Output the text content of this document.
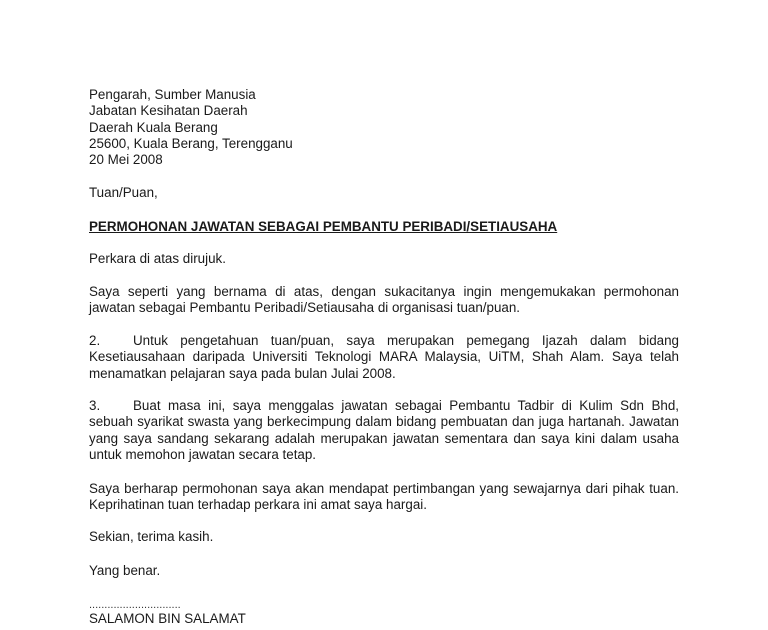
Pengarah, Sumber Manusia
Jabatan Kesihatan Daerah
Daerah Kuala Berang
25600, Kuala Berang, Terengganu
20 Mei 2008
Tuan/Puan,
PERMOHONAN JAWATAN SEBAGAI PEMBANTU PERIBADI/SETIAUSAHA
Perkara di atas dirujuk.
Saya seperti yang bernama di atas, dengan sukacitanya ingin mengemukakan permohonan jawatan sebagai Pembantu Peribadi/Setiausaha di organisasi tuan/puan.
2. Untuk pengetahuan tuan/puan, saya merupakan pemegang Ijazah dalam bidang Kesetiausahaan daripada Universiti Teknologi MARA Malaysia, UiTM, Shah Alam. Saya telah menamatkan pelajaran saya pada bulan Julai 2008.
3. Buat masa ini, saya menggalas jawatan sebagai Pembantu Tadbir di Kulim Sdn Bhd, sebuah syarikat swasta yang berkecimpung dalam bidang pembuatan dan juga hartanah. Jawatan yang saya sandang sekarang adalah merupakan jawatan sementara dan saya kini dalam usaha untuk memohon jawatan secara tetap.
Saya berharap permohonan saya akan mendapat pertimbangan yang sewajarnya dari pihak tuan. Keprihatinan tuan terhadap perkara ini amat saya hargai.
Sekian, terima kasih.
Yang benar.
..............................
SALAMON BIN SALAMAT
